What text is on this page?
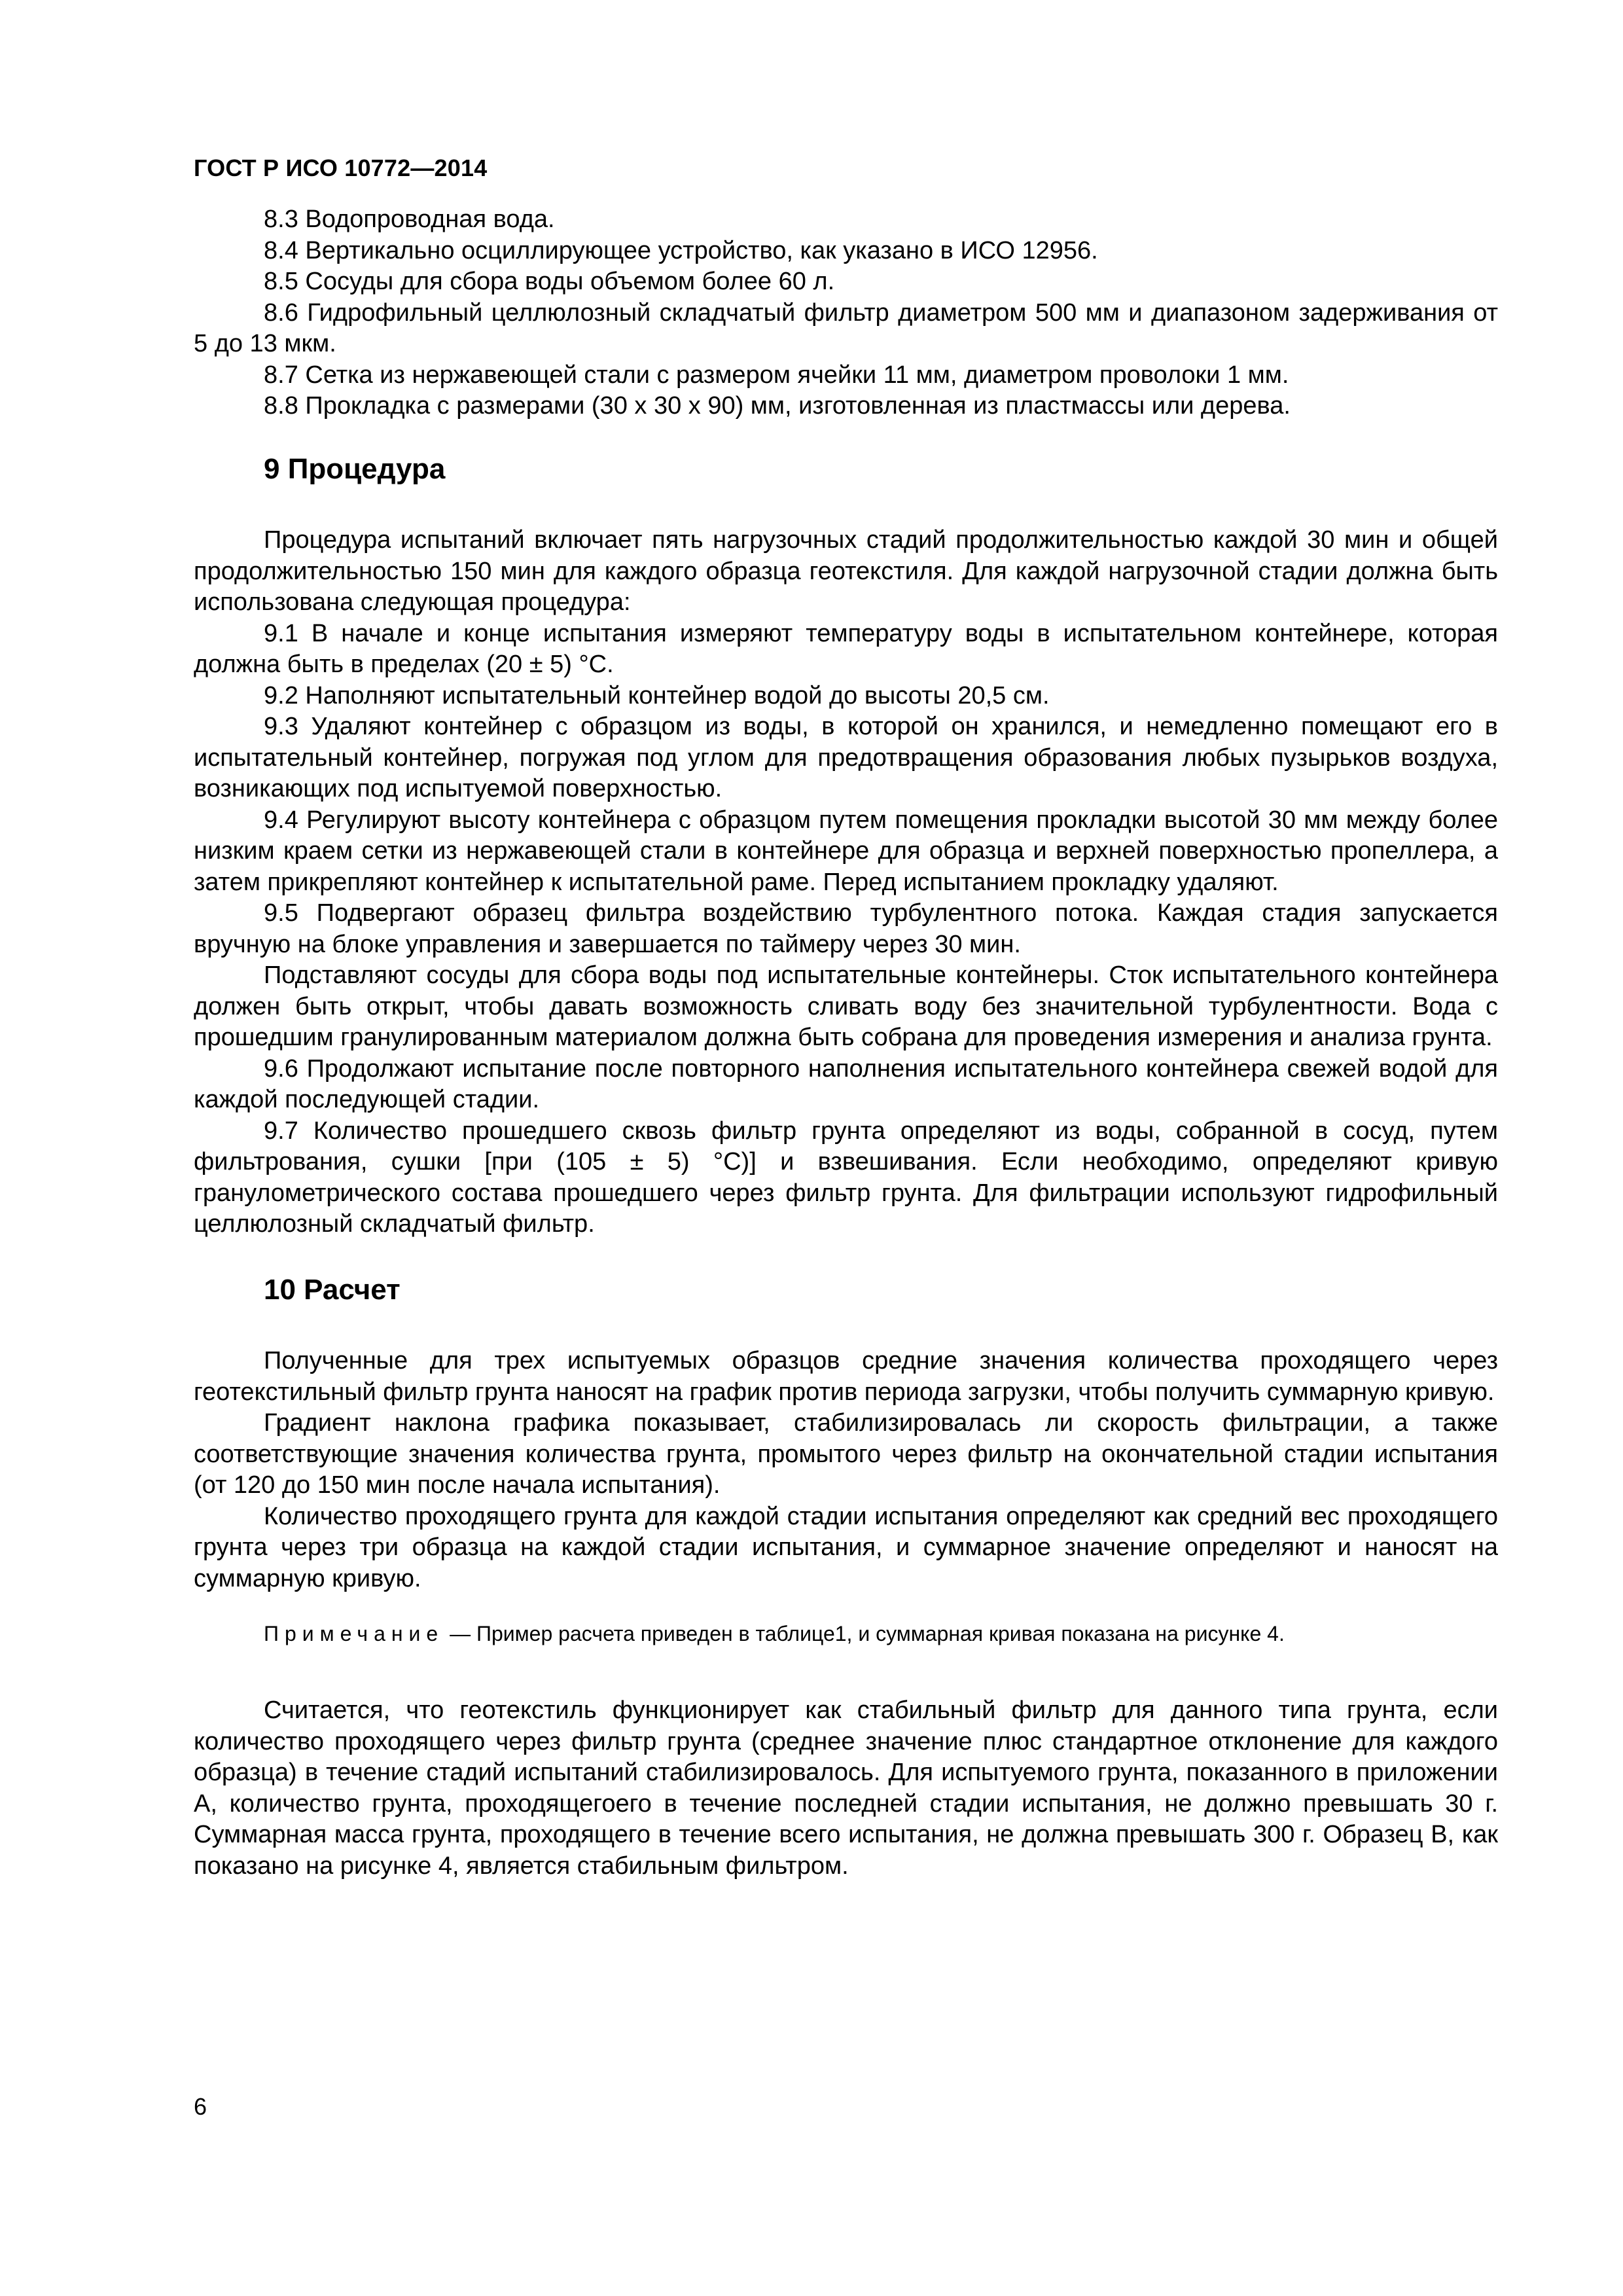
ГОСТ Р ИСО 10772—2014

8.3 Водопроводная вода.

8.4 Вертикально осциллирующее устройство, как указано в ИСО 12956.

8.5 Сосуды для сбора воды объемом более 60 л.

8.6 Гидрофильный целлюлозный складчатый фильтр диаметром 500 мм и диапазоном задерживания от 5 до 13 мкм.

8.7 Сетка из нержавеющей стали с размером ячейки 11 мм, диаметром проволоки 1 мм.

8.8 Прокладка с размерами (30 x 30 x 90) мм, изготовленная из пластмассы или дерева.

9 Процедура

Процедура испытаний включает пять нагрузочных стадий продолжительностью каждой 30 мин и общей продолжительностью 150 мин для каждого образца геотекстиля. Для каждой нагрузочной стадии должна быть использована следующая процедура:

9.1 В начале и конце испытания измеряют температуру воды в испытательном контейнере, которая должна быть в пределах (20 ± 5) °С.

9.2 Наполняют испытательный контейнер водой до высоты 20,5 см.

9.3 Удаляют контейнер с образцом из воды, в которой он хранился, и немедленно помещают его в испытательный контейнер, погружая под углом для предотвращения образования любых пузырьков воздуха, возникающих под испытуемой поверхностью.

9.4 Регулируют высоту контейнера с образцом путем помещения прокладки высотой 30 мм между более низким краем сетки из нержавеющей стали в контейнере для образца и верхней поверхностью пропеллера, а затем прикрепляют контейнер к испытательной раме. Перед испытанием прокладку удаляют.

9.5 Подвергают образец фильтра воздействию турбулентного потока. Каждая стадия запускается вручную на блоке управления и завершается по таймеру через 30 мин.

Подставляют сосуды для сбора воды под испытательные контейнеры. Сток испытательного контейнера должен быть открыт, чтобы давать возможность сливать воду без значительной турбулентности. Вода с прошедшим гранулированным материалом должна быть собрана для проведения измерения и анализа грунта.

9.6 Продолжают испытание после повторного наполнения испытательного контейнера свежей водой для каждой последующей стадии.

9.7 Количество прошедшего сквозь фильтр грунта определяют из воды, собранной в сосуд, путем фильтрования, сушки [при (105 ± 5) °С)] и взвешивания. Если необходимо, определяют кривую гранулометрического состава прошедшего через фильтр грунта. Для фильтрации используют гидрофильный целлюлозный складчатый фильтр.

10 Расчет

Полученные для трех испытуемых образцов средние значения количества проходящего через геотекстильный фильтр грунта наносят на график против периода загрузки, чтобы получить суммарную кривую.

Градиент наклона графика показывает, стабилизировалась ли скорость фильтрации, а также соответствующие значения количества грунта, промытого через фильтр на окончательной стадии испытания (от 120 до 150 мин после начала испытания).

Количество проходящего грунта для каждой стадии испытания определяют как средний вес проходящего грунта через три образца на каждой стадии испытания, и суммарное значение определяют и наносят на суммарную кривую.

Примечание — Пример расчета приведен в таблице1, и суммарная кривая показана на рисунке 4.

Считается, что геотекстиль функционирует как стабильный фильтр для данного типа грунта, если количество проходящего через фильтр грунта (среднее значение плюс стандартное отклонение для каждого образца) в течение стадий испытаний стабилизировалось. Для испытуемого грунта, показанного в приложении А, количество грунта, проходящегоего в течение последней стадии испытания, не должно превышать 30 г. Суммарная масса грунта, проходящего в течение всего испытания, не должна превышать 300 г. Образец В, как показано на рисунке 4, является стабильным фильтром.

6
